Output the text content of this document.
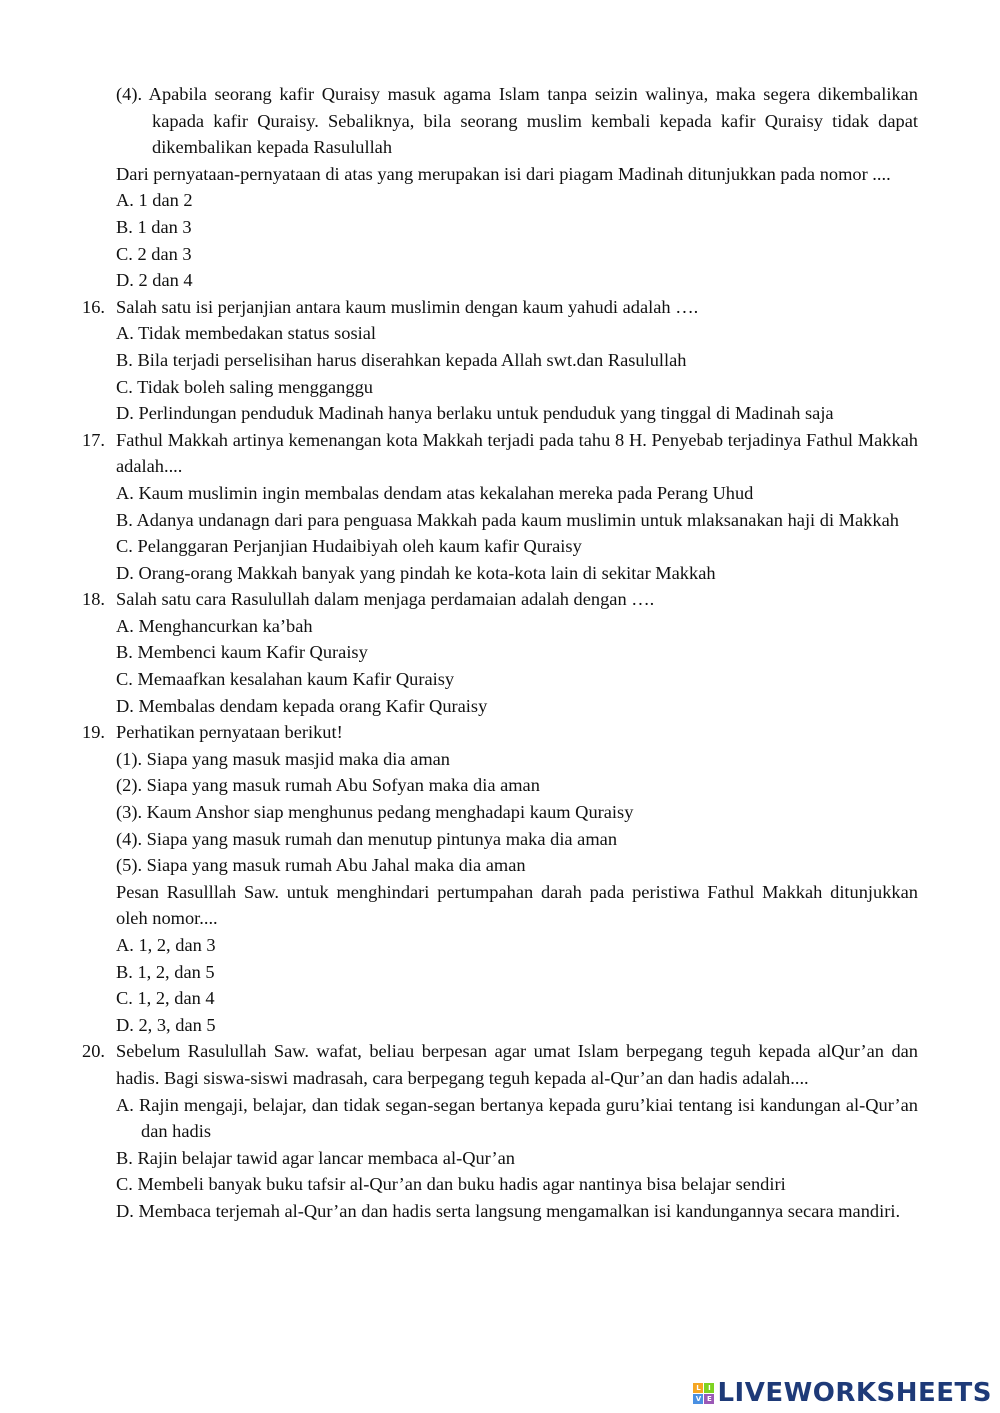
(4). Apabila seorang kafir Quraisy masuk agama Islam tanpa seizin walinya, maka segera dikembalikan kapada kafir Quraisy. Sebaliknya, bila seorang muslim kembali kepada kafir Quraisy tidak dapat dikembalikan kepada Rasulullah

Dari pernyataan-pernyataan di atas yang merupakan isi dari piagam Madinah ditunjukkan pada nomor ....

A. 1 dan 2
B. 1 dan 3
C. 2 dan 3
D. 2 dan 4

16. Salah satu isi perjanjian antara kaum muslimin dengan kaum yahudi adalah ….

A. Tidak membedakan status sosial
B. Bila terjadi perselisihan harus diserahkan kepada Allah swt.dan Rasulullah
C. Tidak boleh saling mengganggu
D. Perlindungan penduduk Madinah hanya berlaku untuk penduduk yang tinggal di Madinah saja

17. Fathul Makkah artinya kemenangan kota Makkah terjadi pada tahu 8 H. Penyebab terjadinya Fathul Makkah adalah....

A. Kaum muslimin ingin membalas dendam atas kekalahan mereka pada Perang Uhud
B. Adanya undanagn dari para penguasa Makkah pada kaum muslimin untuk mlaksanakan haji di Makkah
C. Pelanggaran Perjanjian Hudaibiyah oleh kaum kafir Quraisy
D. Orang-orang Makkah banyak yang pindah ke kota-kota lain di sekitar Makkah

18. Salah satu cara Rasulullah dalam menjaga perdamaian adalah dengan ….

A. Menghancurkan ka’bah
B. Membenci kaum Kafir Quraisy
C. Memaafkan kesalahan kaum Kafir Quraisy
D. Membalas dendam kepada orang Kafir Quraisy

19. Perhatikan pernyataan berikut!

(1). Siapa yang masuk masjid maka dia aman
(2). Siapa yang masuk rumah Abu Sofyan maka dia aman
(3). Kaum Anshor siap menghunus pedang menghadapi kaum Quraisy
(4). Siapa yang masuk rumah dan menutup pintunya maka dia aman
(5). Siapa yang masuk rumah Abu Jahal maka dia aman

Pesan Rasulllah Saw. untuk menghindari pertumpahan darah pada peristiwa Fathul Makkah ditunjukkan oleh nomor....

A. 1, 2, dan 3
B. 1, 2, dan 5
C. 1, 2, dan 4
D. 2, 3, dan 5

20. Sebelum Rasulullah Saw. wafat, beliau berpesan agar umat Islam berpegang teguh kepada alQur’an dan hadis. Bagi siswa-siswi madrasah, cara berpegang teguh kepada al-Qur’an dan hadis adalah....

A. Rajin mengaji, belajar, dan tidak segan-segan bertanya kepada guru’kiai tentang isi kandungan al-Qur’an dan hadis
B. Rajin belajar tawid agar lancar membaca al-Qur’an
C. Membeli banyak buku tafsir al-Qur’an dan buku hadis agar nantinya bisa belajar sendiri
D. Membaca terjemah al-Qur’an dan hadis serta langsung mengamalkan isi kandungannya secara mandiri.
L	I
V E LIVEWORKSHEETS
